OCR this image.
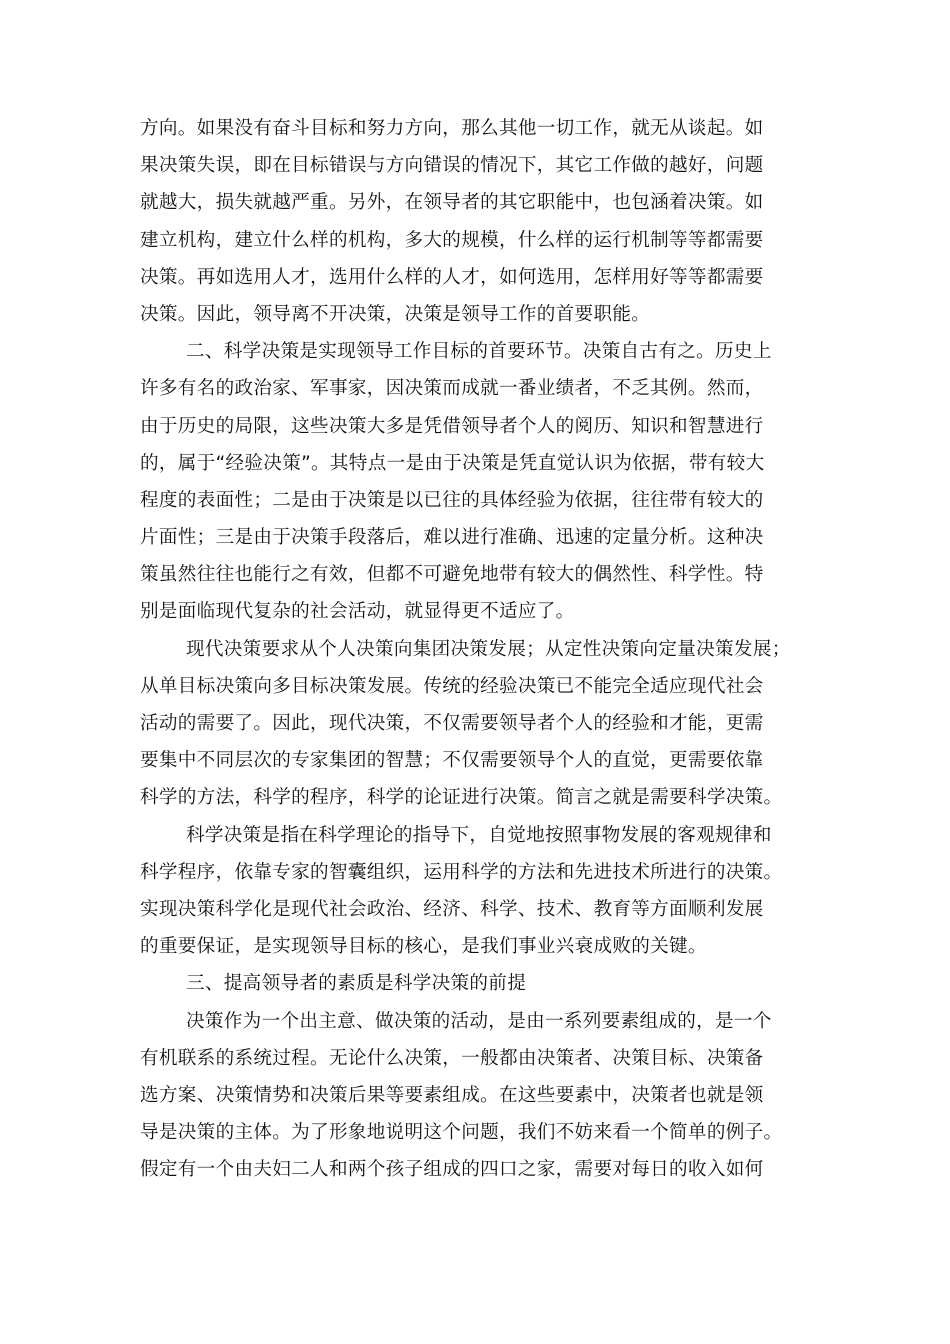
方向。如果没有奋斗目标和努力方向，那么其他一切工作，就无从谈起。如
果决策失误，即在目标错误与方向错误的情况下，其它工作做的越好，问题
就越大，损失就越严重。另外，在领导者的其它职能中，也包涵着决策。如
建立机构，建立什么样的机构，多大的规模，什么样的运行机制等等都需要
决策。再如选用人才，选用什么样的人才，如何选用，怎样用好等等都需要
决策。因此，领导离不开决策，决策是领导工作的首要职能。
二、科学决策是实现领导工作目标的首要环节。决策自古有之。历史上
许多有名的政治家、军事家，因决策而成就一番业绩者，不乏其例。然而，
由于历史的局限，这些决策大多是凭借领导者个人的阅历、知识和智慧进行
的，属于“经验决策”。其特点一是由于决策是凭直觉认识为依据，带有较大
程度的表面性；二是由于决策是以已往的具体经验为依据，往往带有较大的
片面性；三是由于决策手段落后，难以进行准确、迅速的定量分析。这种决
策虽然往往也能行之有效，但都不可避免地带有较大的偶然性、科学性。特
别是面临现代复杂的社会活动，就显得更不适应了。
现代决策要求从个人决策向集团决策发展；从定性决策向定量决策发展；
从单目标决策向多目标决策发展。传统的经验决策已不能完全适应现代社会
活动的需要了。因此，现代决策，不仅需要领导者个人的经验和才能，更需
要集中不同层次的专家集团的智慧；不仅需要领导个人的直觉，更需要依靠
科学的方法，科学的程序，科学的论证进行决策。简言之就是需要科学决策。
科学决策是指在科学理论的指导下，自觉地按照事物发展的客观规律和
科学程序，依靠专家的智囊组织，运用科学的方法和先进技术所进行的决策。
实现决策科学化是现代社会政治、经济、科学、技术、教育等方面顺利发展
的重要保证，是实现领导目标的核心，是我们事业兴衰成败的关键。
三、提高领导者的素质是科学决策的前提
决策作为一个出主意、做决策的活动，是由一系列要素组成的，是一个
有机联系的系统过程。无论什么决策，一般都由决策者、决策目标、决策备
选方案、决策情势和决策后果等要素组成。在这些要素中，决策者也就是领
导是决策的主体。为了形象地说明这个问题，我们不妨来看一个简单的例子。
假定有一个由夫妇二人和两个孩子组成的四口之家，需要对每日的收入如何
